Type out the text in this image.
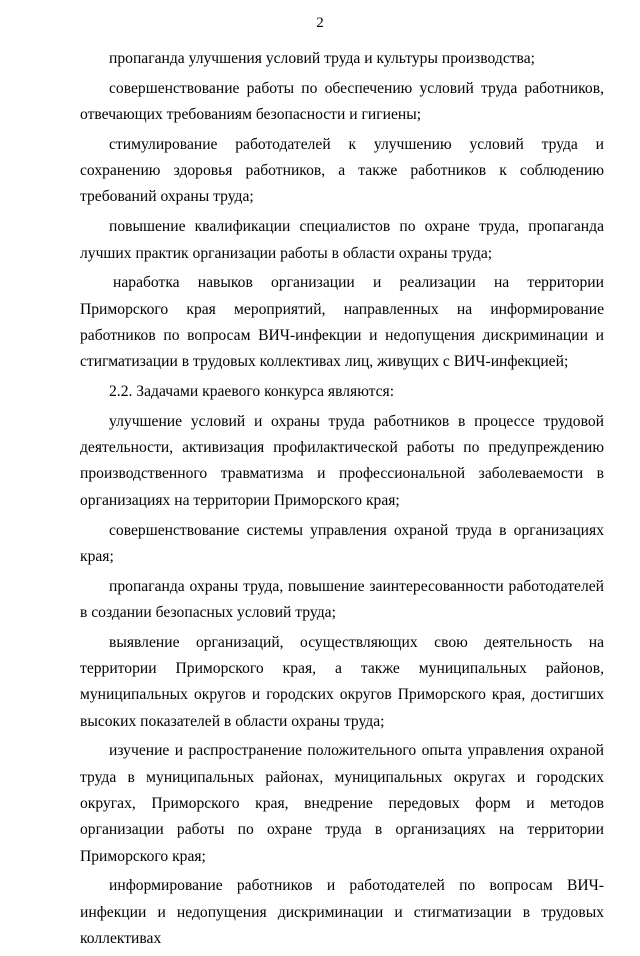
2

пропаганда улучшения условий труда и культуры производства;

совершенствование работы по обеспечению условий труда работников, отвечающих требованиям безопасности и гигиены;

стимулирование работодателей к улучшению условий труда и сохранению здоровья работников, а также работников к соблюдению требований охраны труда;

повышение квалификации специалистов по охране труда, пропаганда лучших практик организации работы в области охраны труда;

наработка навыков организации и реализации на территории Приморского края мероприятий, направленных на информирование работников по вопросам ВИЧ-инфекции и недопущения дискриминации и стигматизации в трудовых коллективах лиц, живущих с ВИЧ-инфекцией;

2.2. Задачами краевого конкурса являются:

улучшение условий и охраны труда работников в процессе трудовой деятельности, активизация профилактической работы по предупреждению производственного травматизма и профессиональной заболеваемости в организациях на территории Приморского края;

совершенствование системы управления охраной труда в организациях края;

пропаганда охраны труда, повышение заинтересованности работодателей в создании безопасных условий труда;

выявление организаций, осуществляющих свою деятельность на территории Приморского края, а также муниципальных районов, муниципальных округов и городских округов Приморского края, достигших высоких показателей в области охраны труда;

изучение и распространение положительного опыта управления охраной труда в муниципальных районах, муниципальных округах и городских округах, Приморского края, внедрение передовых форм и методов организации работы по охране труда в организациях на территории Приморского края;

информирование работников и работодателей по вопросам ВИЧ-инфекции и недопущения дискриминации и стигматизации в трудовых коллективах
